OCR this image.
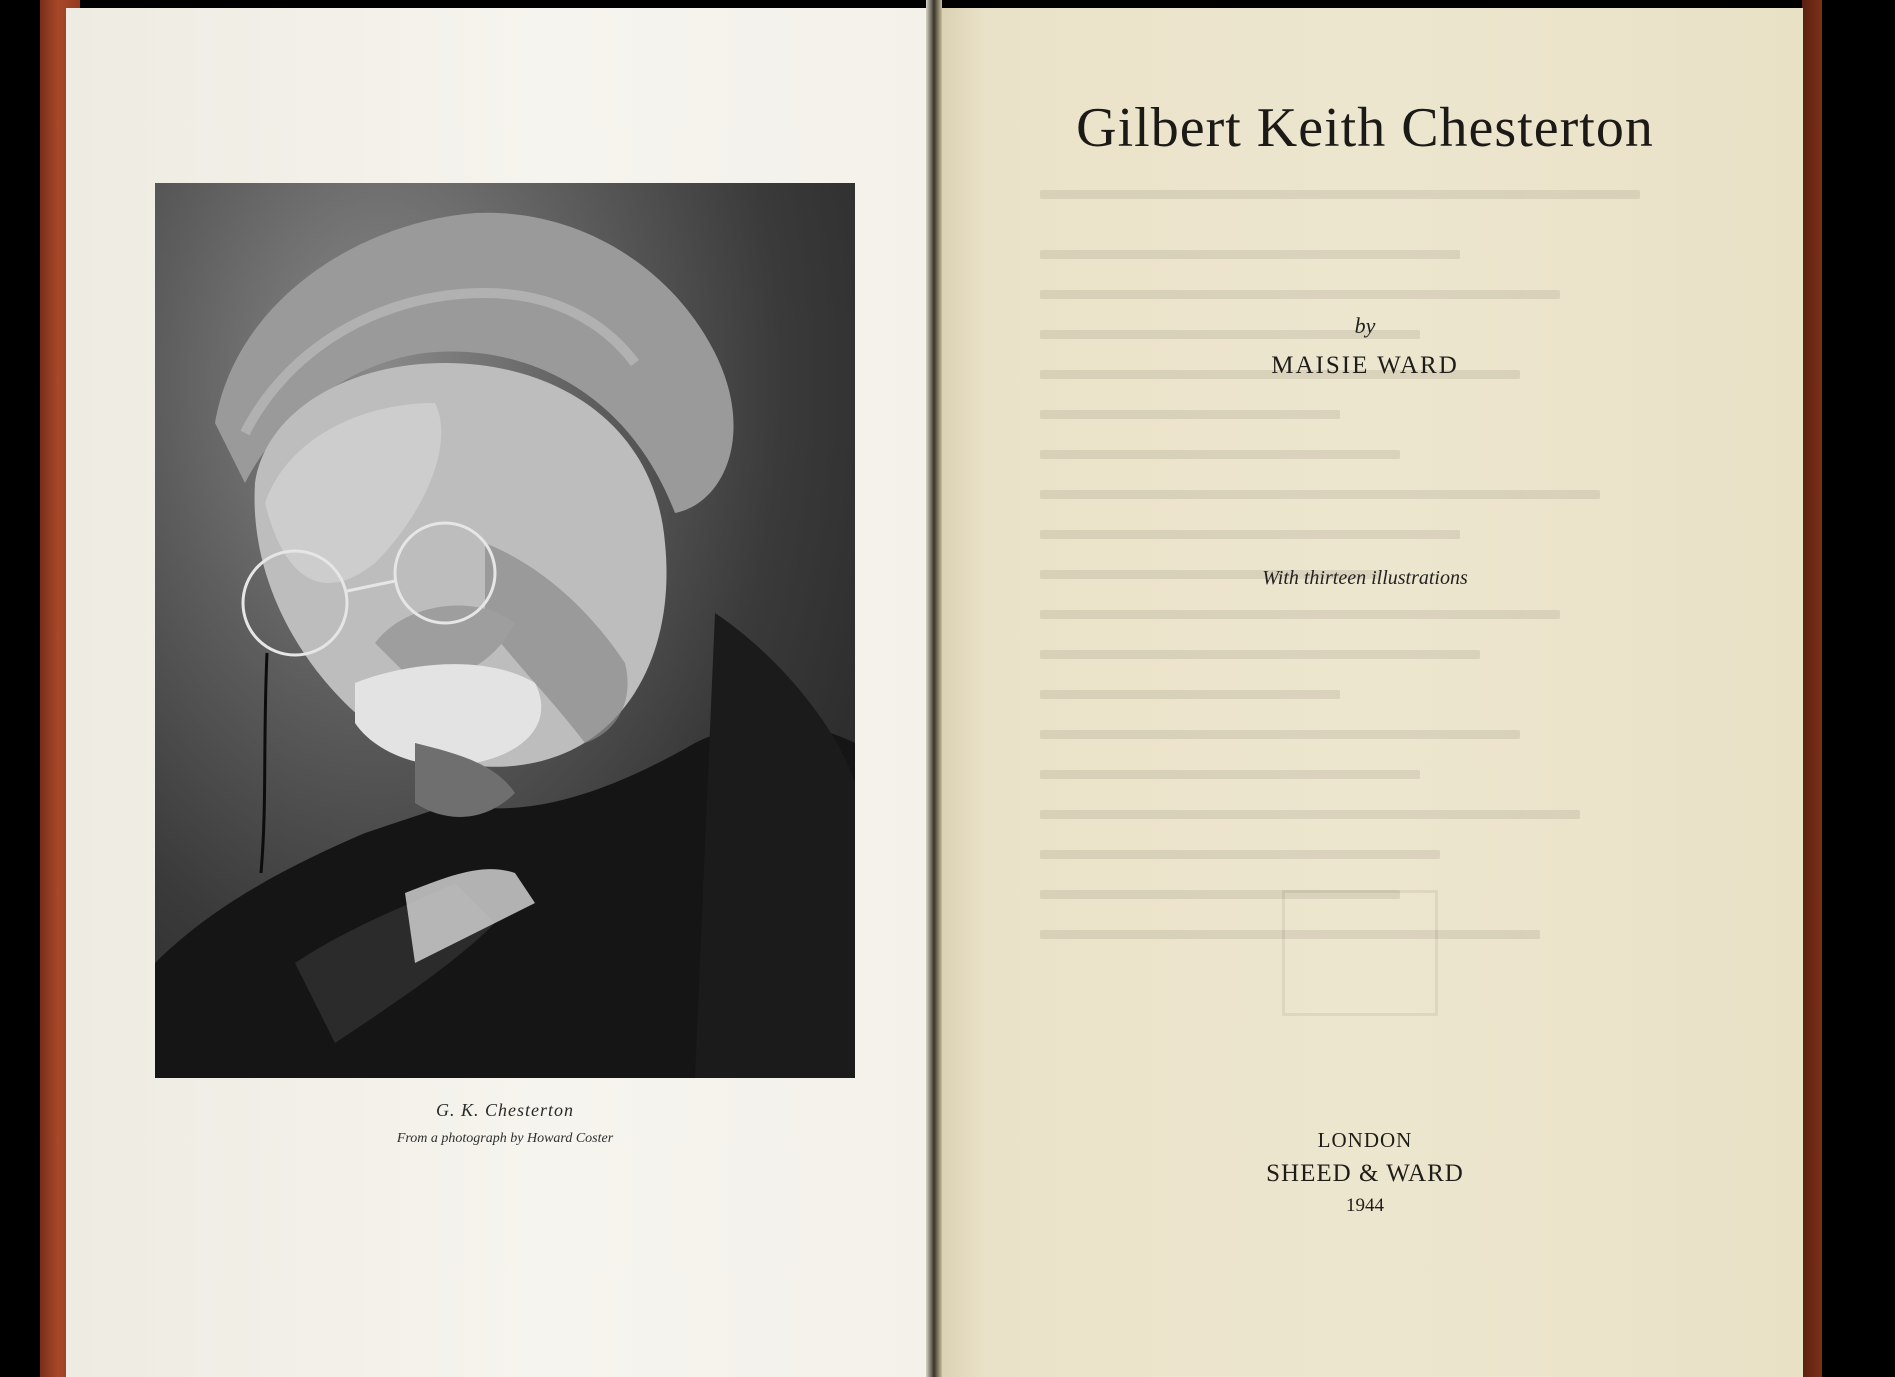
G. K. Chesterton
From a photograph by Howard Coster
Gilbert Keith Chesterton
by
MAISIE WARD
With thirteen illustrations
LONDON
SHEED & WARD
1944
